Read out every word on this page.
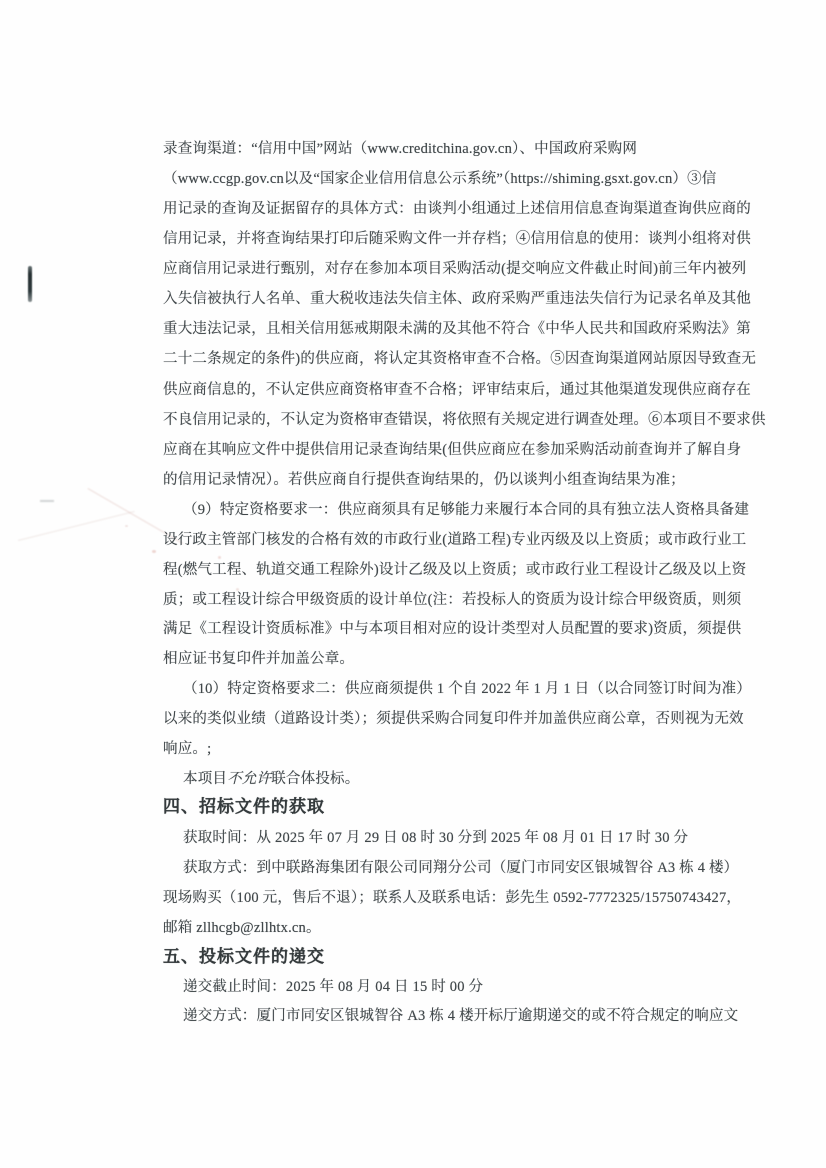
录查询渠道：“信用中国”网站（www.creditchina.gov.cn）、中国政府采购网
（www.ccgp.gov.cn以及“国家企业信用信息公示系统”（https://shiming.gsxt.gov.cn）③信
用记录的查询及证据留存的具体方式：由谈判小组通过上述信用信息查询渠道查询供应商的
信用记录，并将查询结果打印后随采购文件一并存档；④信用信息的使用：谈判小组将对供
应商信用记录进行甄别，对存在参加本项目采购活动(提交响应文件截止时间)前三年内被列
入失信被执行人名单、重大税收违法失信主体、政府采购严重违法失信行为记录名单及其他
重大违法记录，且相关信用惩戒期限未满的及其他不符合《中华人民共和国政府采购法》第
二十二条规定的条件)的供应商，将认定其资格审查不合格。⑤因查询渠道网站原因导致查无
供应商信息的，不认定供应商资格审查不合格；评审结束后，通过其他渠道发现供应商存在
不良信用记录的，不认定为资格审查错误，将依照有关规定进行调查处理。⑥本项目不要求供
应商在其响应文件中提供信用记录查询结果(但供应商应在参加采购活动前查询并了解自身
的信用记录情况）。若供应商自行提供查询结果的，仍以谈判小组查询结果为准；
（9）特定资格要求一：供应商须具有足够能力来履行本合同的具有独立法人资格具备建
设行政主管部门核发的合格有效的市政行业(道路工程)专业丙级及以上资质；或市政行业工
程(燃气工程、轨道交通工程除外)设计乙级及以上资质；或市政行业工程设计乙级及以上资
质；或工程设计综合甲级资质的设计单位(注：若投标人的资质为设计综合甲级资质，则须
满足《工程设计资质标准》中与本项目相对应的设计类型对人员配置的要求)资质，须提供
相应证书复印件并加盖公章。
（10）特定资格要求二：供应商须提供 1 个自 2022 年 1 月 1 日（以合同签订时间为准）
以来的类似业绩（道路设计类）；须提供采购合同复印件并加盖供应商公章，否则视为无效
响应。;
本项目不允许联合体投标。
四、招标文件的获取
获取时间：从 2025 年 07 月 29 日 08 时 30 分到 2025 年 08 月 01 日 17 时 30 分
获取方式：到中联路海集团有限公司同翔分公司（厦门市同安区银城智谷 A3 栋 4 楼）
现场购买（100 元，售后不退）；联系人及联系电话：彭先生 0592-7772325/15750743427，
邮箱 zllhcgb@zllhtx.cn。
五、投标文件的递交
递交截止时间：2025 年 08 月 04 日 15 时 00 分
递交方式：厦门市同安区银城智谷 A3 栋 4 楼开标厅逾期递交的或不符合规定的响应文
